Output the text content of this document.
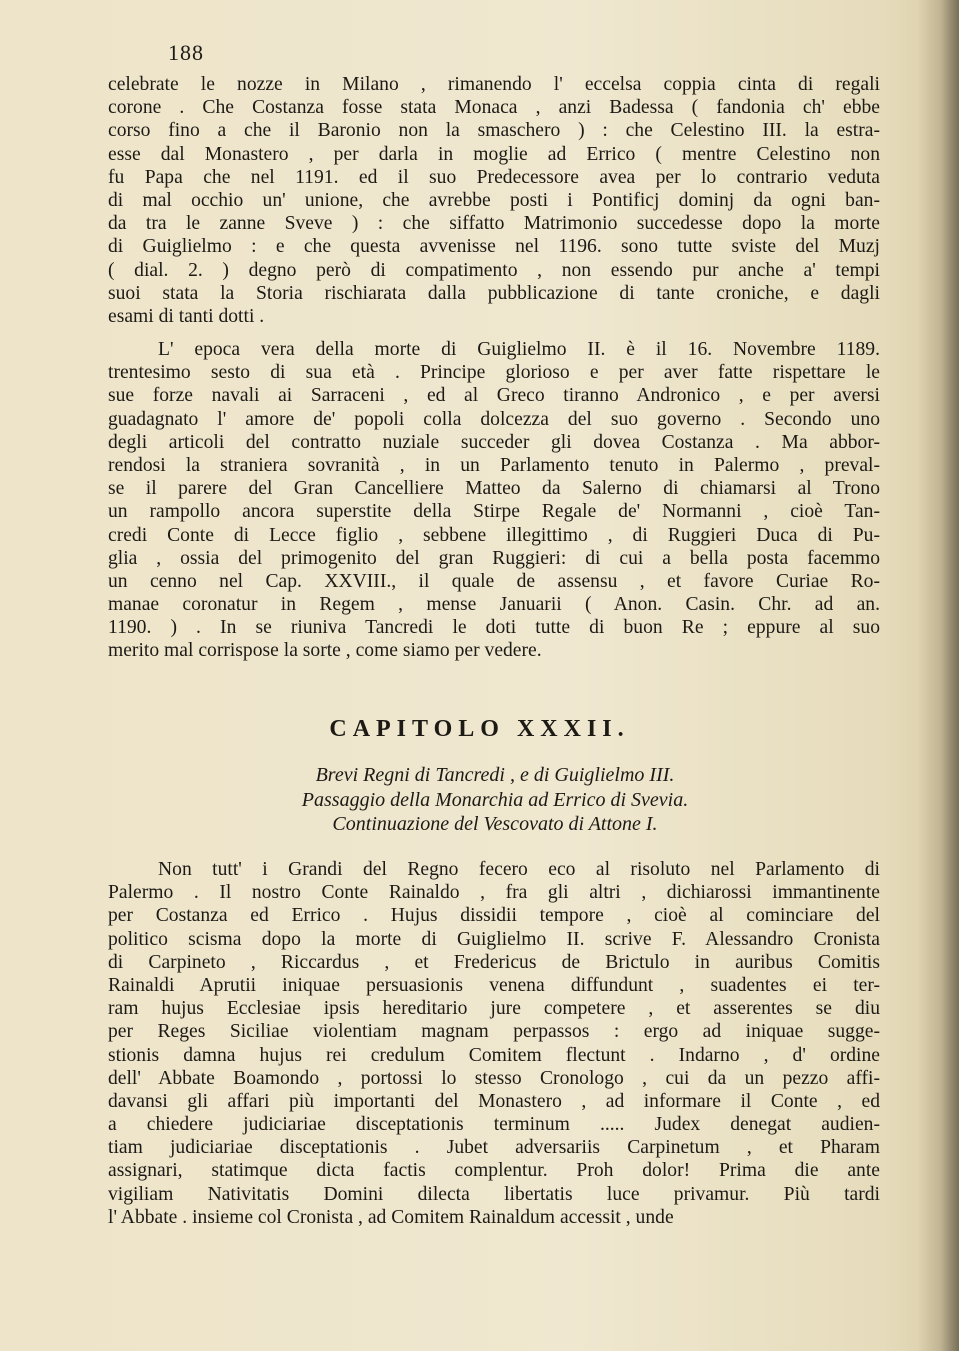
188
celebrate le nozze in Milano , rimanendo l' eccelsa coppia cinta di regali
corone . Che Costanza fosse stata Monaca , anzi Badessa ( fandonia ch' ebbe
corso fino a che il Baronio non la smaschero ) : che Celestino III. la estra-
esse dal Monastero , per darla in moglie ad Errico ( mentre Celestino non
fu Papa che nel 1191. ed il suo Predecessore avea per lo contrario veduta
di mal occhio un' unione, che avrebbe posti i Pontificj dominj da ogni ban-
da tra le zanne Sveve ) : che siffatto Matrimonio succedesse dopo la morte
di Guiglielmo : e che questa avvenisse nel 1196. sono tutte sviste del Muzj
( dial. 2. ) degno però di compatimento , non essendo pur anche a' tempi
suoi stata la Storia rischiarata dalla pubblicazione di tante croniche, e dagli
esami di tanti dotti .
L' epoca vera della morte di Guiglielmo II. è il 16. Novembre 1189.
trentesimo sesto di sua età . Principe glorioso e per aver fatte rispettare le
sue forze navali ai Sarraceni , ed al Greco tiranno Andronico , e per aversi
guadagnato l' amore de' popoli colla dolcezza del suo governo . Secondo uno
degli articoli del contratto nuziale succeder gli dovea Costanza . Ma abbor-
rendosi la straniera sovranità , in un Parlamento tenuto in Palermo , preval-
se il parere del Gran Cancelliere Matteo da Salerno di chiamarsi al Trono
un rampollo ancora superstite della Stirpe Regale de' Normanni , cioè Tan-
credi Conte di Lecce figlio , sebbene illegittimo , di Ruggieri Duca di Pu-
glia , ossia del primogenito del gran Ruggieri: di cui a bella posta facemmo
un cenno nel Cap. XXVIII., il quale de assensu , et favore Curiae Ro-
manae coronatur in Regem , mense Januarii ( Anon. Casin. Chr. ad an.
1190. ) . In se riuniva Tancredi le doti tutte di buon Re ; eppure al suo
merito mal corrispose la sorte , come siamo per vedere.
CAPITOLO XXXII.
Brevi Regni di Tancredi , e di Guiglielmo III.
Passaggio della Monarchia ad Errico di Svevia.
Continuazione del Vescovato di Attone I.
Non tutt' i Grandi del Regno fecero eco al risoluto nel Parlamento di
Palermo . Il nostro Conte Rainaldo , fra gli altri , dichiarossi immantinente
per Costanza ed Errico . Hujus dissidii tempore , cioè al cominciare del
politico scisma dopo la morte di Guiglielmo II. scrive F. Alessandro Cronista
di Carpineto , Riccardus , et Fredericus de Brictulo in auribus Comitis
Rainaldi Aprutii iniquae persuasionis venena diffundunt , suadentes ei ter-
ram hujus Ecclesiae ipsis hereditario jure competere , et asserentes se diu
per Reges Siciliae violentiam magnam perpassos : ergo ad iniquae sugge-
stionis damna hujus rei credulum Comitem flectunt . Indarno , d' ordine
dell' Abbate Boamondo , portossi lo stesso Cronologo , cui da un pezzo affi-
davansi gli affari più importanti del Monastero , ad informare il Conte , ed
a chiedere judiciariae disceptationis terminum ..... Judex denegat audien-
tiam judiciariae disceptationis . Jubet adversariis Carpinetum , et Pharam
assignari, statimque dicta factis complentur. Proh dolor! Prima die ante
vigiliam Nativitatis Domini dilecta libertatis luce privamur. Più tardi
l' Abbate . insieme col Cronista , ad Comitem Rainaldum accessit , unde
